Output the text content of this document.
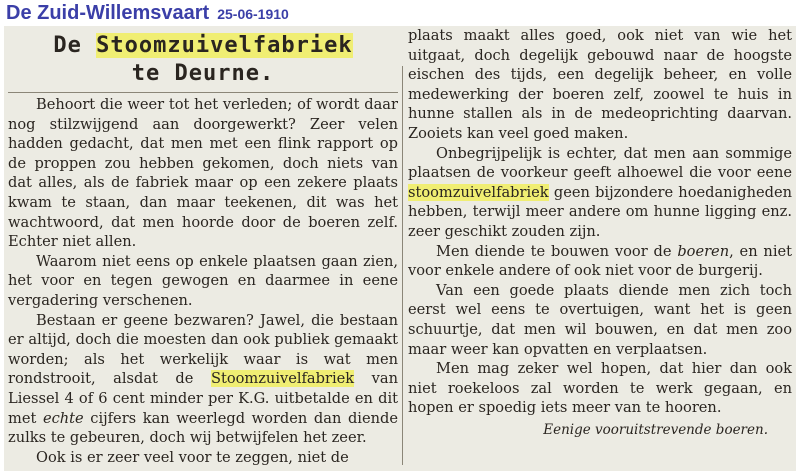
De Zuid-Willemsvaart 25-06-1910
De Stoomzuivelfabriek
te Deurne.

Behoort die weer tot het verleden; of wordt daar nog stilzwijgend aan doorgewerkt? Zeer velen hadden gedacht, dat men met een flink rapport op de proppen zou hebben gekomen, doch niets van dat alles, als de fabriek maar op een zekere plaats kwam te staan, dan maar teekenen, dit was het wachtwoord, dat men hoorde door de boeren zelf. Echter niet allen.

Waarom niet eens op enkele plaatsen gaan zien, het voor en tegen gewogen en daarmee in eene vergadering verschenen.

Bestaan er geene bezwaren? Jawel, die bestaan er altijd, doch die moesten dan ook publiek gemaakt worden; als het werkelijk waar is wat men rondstrooit, alsdat de Stoomzuivelfabriek van Liessel 4 of 6 cent minder per K.G. uitbetalde en dit met echte cijfers kan weerlegd worden dan diende zulks te gebeuren, doch wij betwijfelen het zeer.

Ook is er zeer veel voor te zeggen, niet de

plaats maakt alles goed, ook niet van wie het uitgaat, doch degelijk gebouwd naar de hoogste eischen des tijds, een degelijk beheer, en volle medewerking der boeren zelf, zoowel te huis in hunne stallen als in de medeoprichting daarvan. Zooiets kan veel goed maken.

Onbegrijpelijk is echter, dat men aan sommige plaatsen de voorkeur geeft alhoewel die voor eene stoomzuivelfabriek geen bijzondere hoedanigheden hebben, terwijl meer andere om hunne ligging enz. zeer geschikt zouden zijn.

Men diende te bouwen voor de boeren, en niet voor enkele andere of ook niet voor de burgerij.

Van een goede plaats diende men zich toch eerst wel eens te overtuigen, want het is geen schuurtje, dat men wil bouwen, en dat men zoo maar weer kan opvatten en verplaatsen.

Men mag zeker wel hopen, dat hier dan ook niet roekeloos zal worden te werk gegaan, en hopen er spoedig iets meer van te hooren.

Eenige vooruitstrevende boeren.
